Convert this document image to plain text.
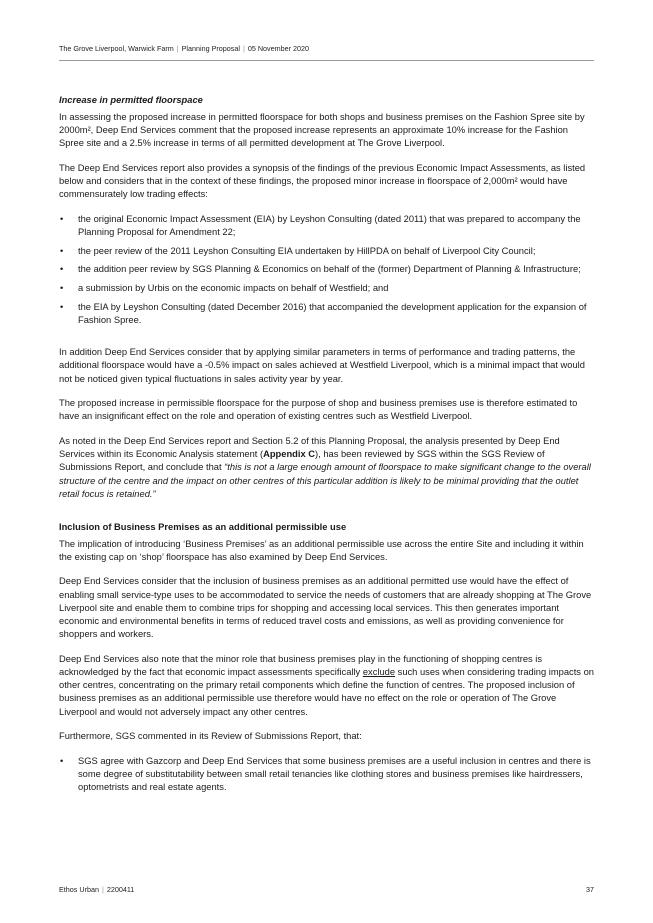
The Grove Liverpool, Warwick Farm | Planning Proposal | 05 November 2020
Increase in permitted floorspace

In assessing the proposed increase in permitted floorspace for both shops and business premises on the Fashion Spree site by 2000m², Deep End Services comment that the proposed increase represents an approximate 10% increase for the Fashion Spree site and a 2.5% increase in terms of all permitted development at The Grove Liverpool.

The Deep End Services report also provides a synopsis of the findings of the previous Economic Impact Assessments, as listed below and considers that in the context of these findings, the proposed minor increase in floorspace of 2,000m² would have commensurately low trading effects:

• the original Economic Impact Assessment (EIA) by Leyshon Consulting (dated 2011) that was prepared to accompany the Planning Proposal for Amendment 22;
• the peer review of the 2011 Leyshon Consulting EIA undertaken by HillPDA on behalf of Liverpool City Council;
• the addition peer review by SGS Planning & Economics on behalf of the (former) Department of Planning & Infrastructure;
• a submission by Urbis on the economic impacts on behalf of Westfield; and
• the EIA by Leyshon Consulting (dated December 2016) that accompanied the development application for the expansion of Fashion Spree.

In addition Deep End Services consider that by applying similar parameters in terms of performance and trading patterns, the additional floorspace would have a -0.5% impact on sales achieved at Westfield Liverpool, which is a minimal impact that would not be noticed given typical fluctuations in sales activity year by year.

The proposed increase in permissible floorspace for the purpose of shop and business premises use is therefore estimated to have an insignificant effect on the role and operation of existing centres such as Westfield Liverpool.

As noted in the Deep End Services report and Section 5.2 of this Planning Proposal, the analysis presented by Deep End Services within its Economic Analysis statement (Appendix C), has been reviewed by SGS within the SGS Review of Submissions Report, and conclude that “this is not a large enough amount of floorspace to make significant change to the overall structure of the centre and the impact on other centres of this particular addition is likely to be minimal providing that the outlet retail focus is retained.”

Inclusion of Business Premises as an additional permissible use

The implication of introducing ‘Business Premises’ as an additional permissible use across the entire Site and including it within the existing cap on ‘shop’ floorspace has also examined by Deep End Services.

Deep End Services consider that the inclusion of business premises as an additional permitted use would have the effect of enabling small service-type uses to be accommodated to service the needs of customers that are already shopping at The Grove Liverpool site and enable them to combine trips for shopping and accessing local services. This then generates important economic and environmental benefits in terms of reduced travel costs and emissions, as well as providing convenience for shoppers and workers.

Deep End Services also note that the minor role that business premises play in the functioning of shopping centres is acknowledged by the fact that economic impact assessments specifically exclude such uses when considering trading impacts on other centres, concentrating on the primary retail components which define the function of centres. The proposed inclusion of business premises as an additional permissible use therefore would have no effect on the role or operation of The Grove Liverpool and would not adversely impact any other centres.

Furthermore, SGS commented in its Review of Submissions Report, that:

• SGS agree with Gazcorp and Deep End Services that some business premises are a useful inclusion in centres and there is some degree of substitutability between small retail tenancies like clothing stores and business premises like hairdressers, optometrists and real estate agents.
Ethos Urban | 2200411	37
